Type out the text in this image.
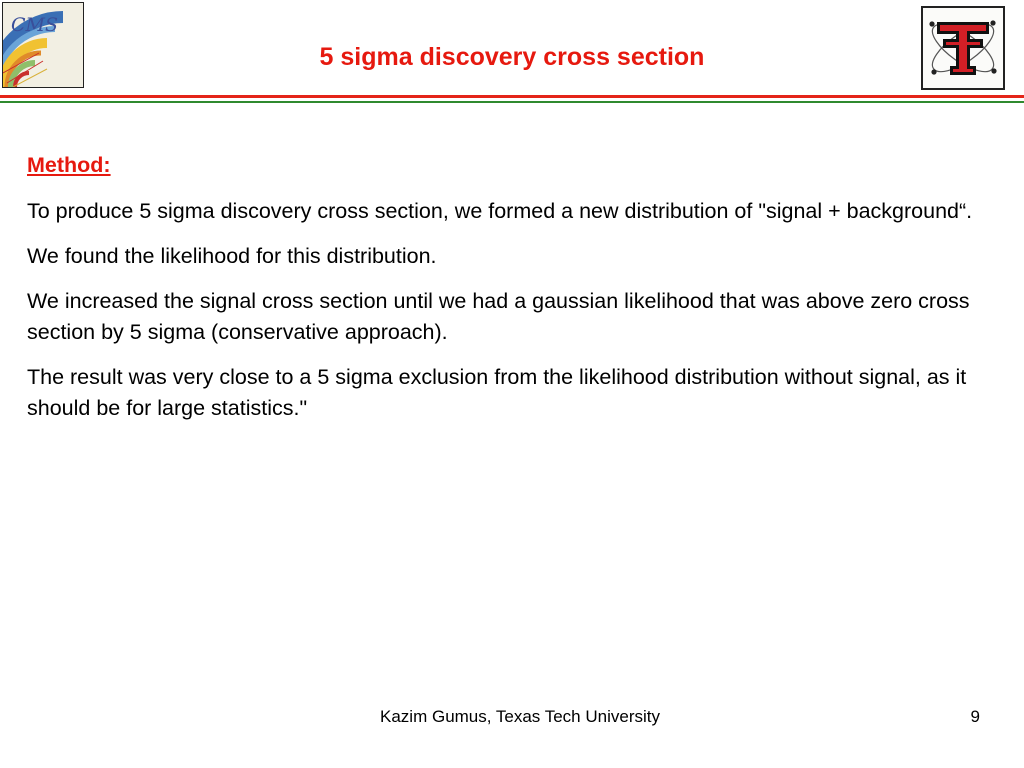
CMS
5 sigma discovery cross section

Method:

To produce 5 sigma discovery cross section, we formed a new distribution of "signal + background“.

We found the likelihood for this distribution.

We increased the signal cross section until we had a gaussian likelihood that was above zero cross section by 5 sigma (conservative approach).

The result was very close to a 5 sigma exclusion from the likelihood distribution without signal, as it should be for large statistics."

Kazim Gumus, Texas Tech University	9
